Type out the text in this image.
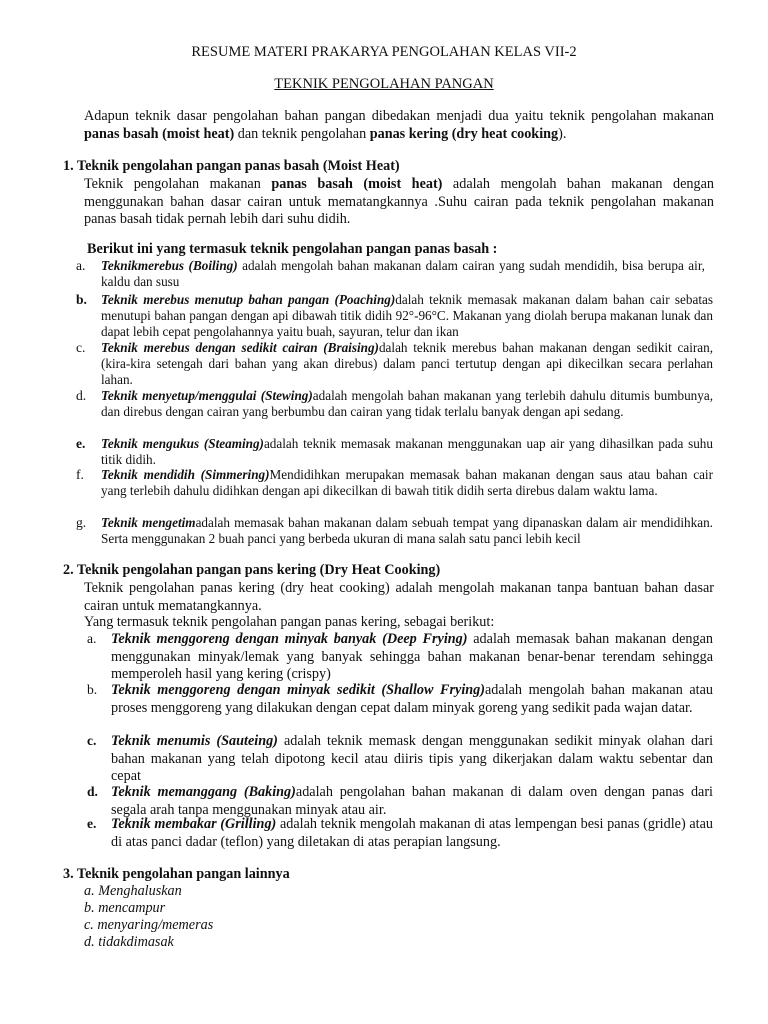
RESUME MATERI PRAKARYA PENGOLAHAN KELAS VII-2
TEKNIK PENGOLAHAN PANGAN
Adapun teknik dasar pengolahan bahan pangan dibedakan menjadi dua yaitu teknik pengolahan makanan panas basah (moist heat) dan teknik pengolahan panas kering (dry heat cooking).
1. Teknik pengolahan pangan panas basah (Moist Heat)
Teknik pengolahan makanan panas basah (moist heat) adalah mengolah bahan makanan dengan menggunakan bahan dasar cairan untuk mematangkannya .Suhu cairan pada teknik pengolahan makanan panas basah tidak pernah lebih dari suhu didih.
Berikut ini yang termasuk teknik pengolahan pangan panas basah :
a. Teknikmerebus (Boiling) adalah mengolah bahan makanan dalam cairan yang sudah mendidih, bisa berupa air, kaldu dan susu
b. Teknik merebus menutup bahan pangan (Poaching)dalah teknik memasak makanan dalam bahan cair sebatas menutupi bahan pangan dengan api dibawah titik didih 92°-96°C. Makanan yang diolah berupa makanan lunak dan dapat lebih cepat pengolahannya yaitu buah, sayuran, telur dan ikan
c. Teknik merebus dengan sedikit cairan (Braising)dalah teknik merebus bahan makanan dengan sedikit cairan, (kira-kira setengah dari bahan yang akan direbus) dalam panci tertutup dengan api dikecilkan secara perlahan lahan.
d. Teknik menyetup/menggulai (Stewing)adalah mengolah bahan makanan yang terlebih dahulu ditumis bumbunya, dan direbus dengan cairan yang berbumbu dan cairan yang tidak terlalu banyak dengan api sedang.
e. Teknik mengukus (Steaming)adalah teknik memasak makanan menggunakan uap air yang dihasilkan pada suhu titik didih.
f. Teknik mendidih (Simmering)Mendidihkan merupakan memasak bahan makanan dengan saus atau bahan cair yang terlebih dahulu didihkan dengan api dikecilkan di bawah titik didih serta direbus dalam waktu lama.
g. Teknik mengetimadalah memasak bahan makanan dalam sebuah tempat yang dipanaskan dalam air mendidihkan. Serta menggunakan 2 buah panci yang berbeda ukuran di mana salah satu panci lebih kecil
2. Teknik pengolahan pangan pans kering (Dry Heat Cooking)
Teknik pengolahan panas kering (dry heat cooking) adalah mengolah makanan tanpa bantuan bahan dasar cairan untuk mematangkannya.
Yang termasuk teknik pengolahan pangan panas kering, sebagai berikut:
a. Teknik menggoreng dengan minyak banyak (Deep Frying) adalah memasak bahan makanan dengan menggunakan minyak/lemak yang banyak sehingga bahan makanan benar-benar terendam sehingga memperoleh hasil yang kering (crispy)
b. Teknik menggoreng dengan minyak sedikit (Shallow Frying)adalah mengolah bahan makanan atau proses menggoreng yang dilakukan dengan cepat dalam minyak goreng yang sedikit pada wajan datar.
c. Teknik menumis (Sauteing) adalah teknik memask dengan menggunakan sedikit minyak olahan dari bahan makanan yang telah dipotong kecil atau diiris tipis yang dikerjakan dalam waktu sebentar dan cepat
d. Teknik memanggang (Baking)adalah pengolahan bahan makanan di dalam oven dengan panas dari segala arah tanpa menggunakan minyak atau air.
e. Teknik membakar (Grilling) adalah teknik mengolah makanan di atas lempengan besi panas (gridle) atau di atas panci dadar (teflon) yang diletakan di atas perapian langsung.
3. Teknik pengolahan pangan lainnya
a. Menghaluskan
b. mencampur
c. menyaring/memeras
d. tidakdimasak
